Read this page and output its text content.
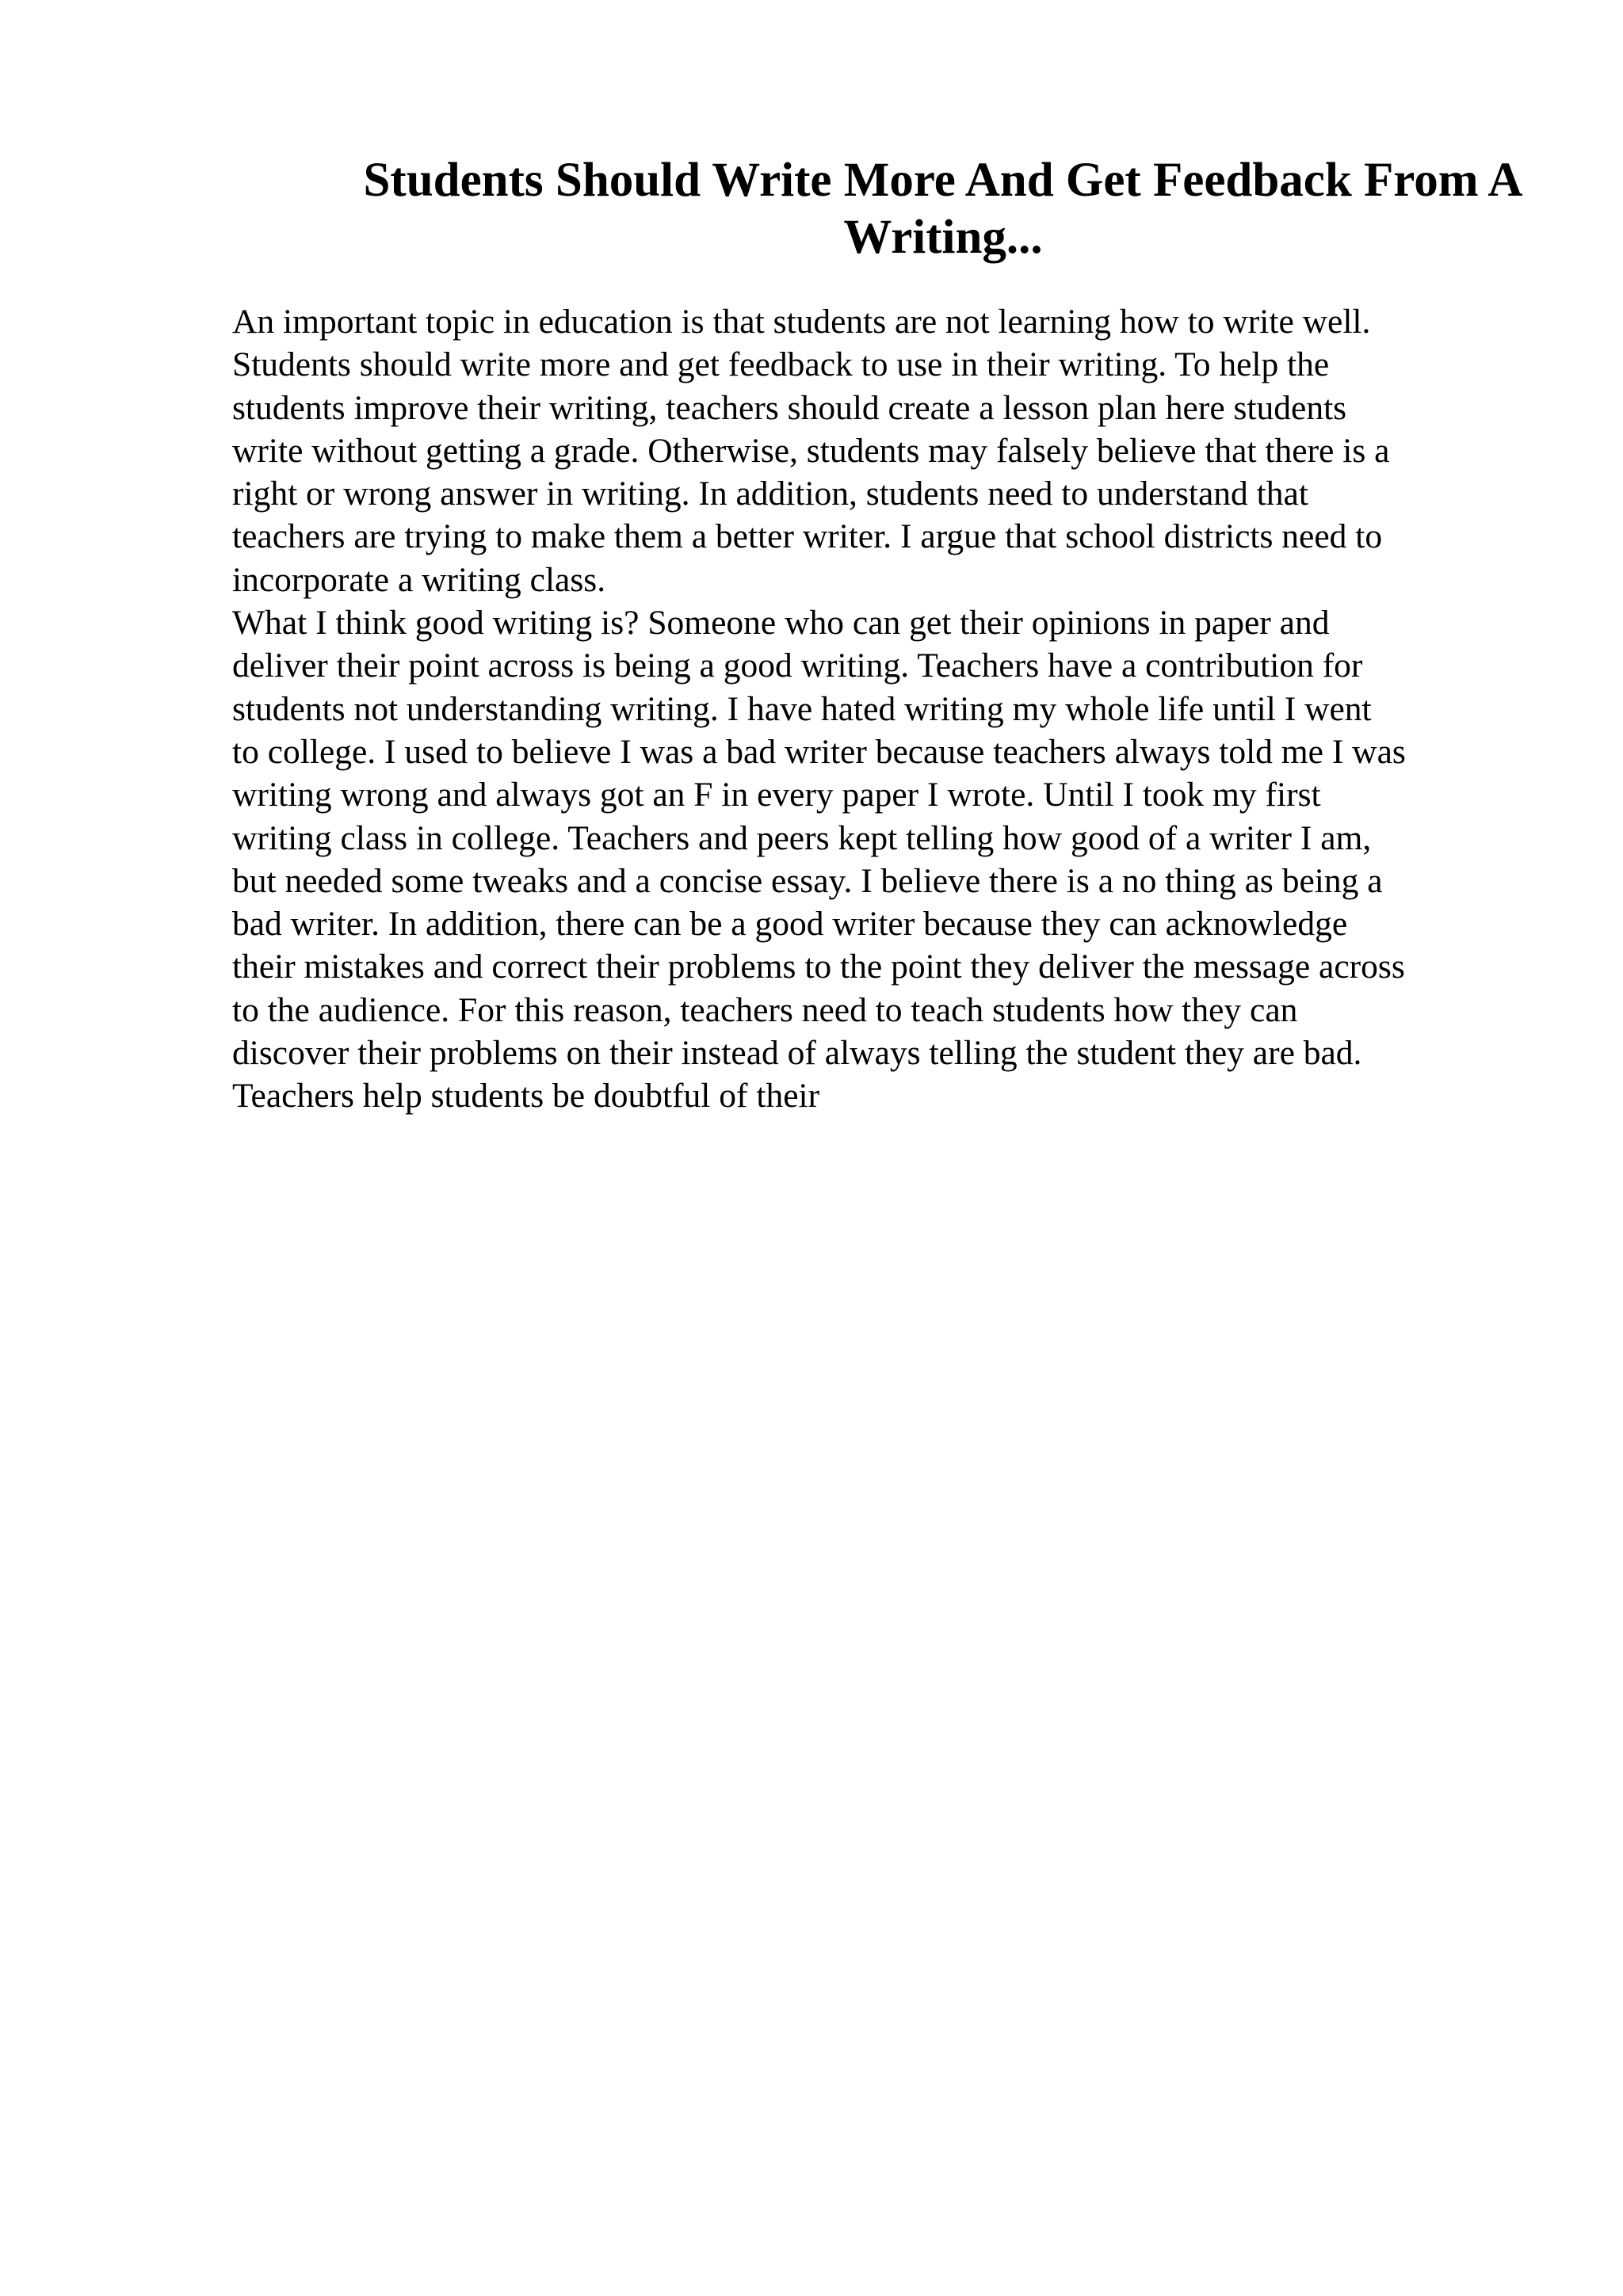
Students Should Write More And Get Feedback From A
Writing...
An important topic in education is that students are not learning how to write well.
Students should write more and get feedback to use in their writing. To help the
students improve their writing, teachers should create a lesson plan here students
write without getting a grade. Otherwise, students may falsely believe that there is a
right or wrong answer in writing. In addition, students need to understand that
teachers are trying to make them a better writer. I argue that school districts need to
incorporate a writing class.
What I think good writing is? Someone who can get their opinions in paper and
deliver their point across is being a good writing. Teachers have a contribution for
students not understanding writing. I have hated writing my whole life until I went
to college. I used to believe I was a bad writer because teachers always told me I was
writing wrong and always got an F in every paper I wrote. Until I took my first
writing class in college. Teachers and peers kept telling how good of a writer I am,
but needed some tweaks and a concise essay. I believe there is a no thing as being a
bad writer. In addition, there can be a good writer because they can acknowledge
their mistakes and correct their problems to the point they deliver the message across
to the audience. For this reason, teachers need to teach students how they can
discover their problems on their instead of always telling the student they are bad.
Teachers help students be doubtful of their
